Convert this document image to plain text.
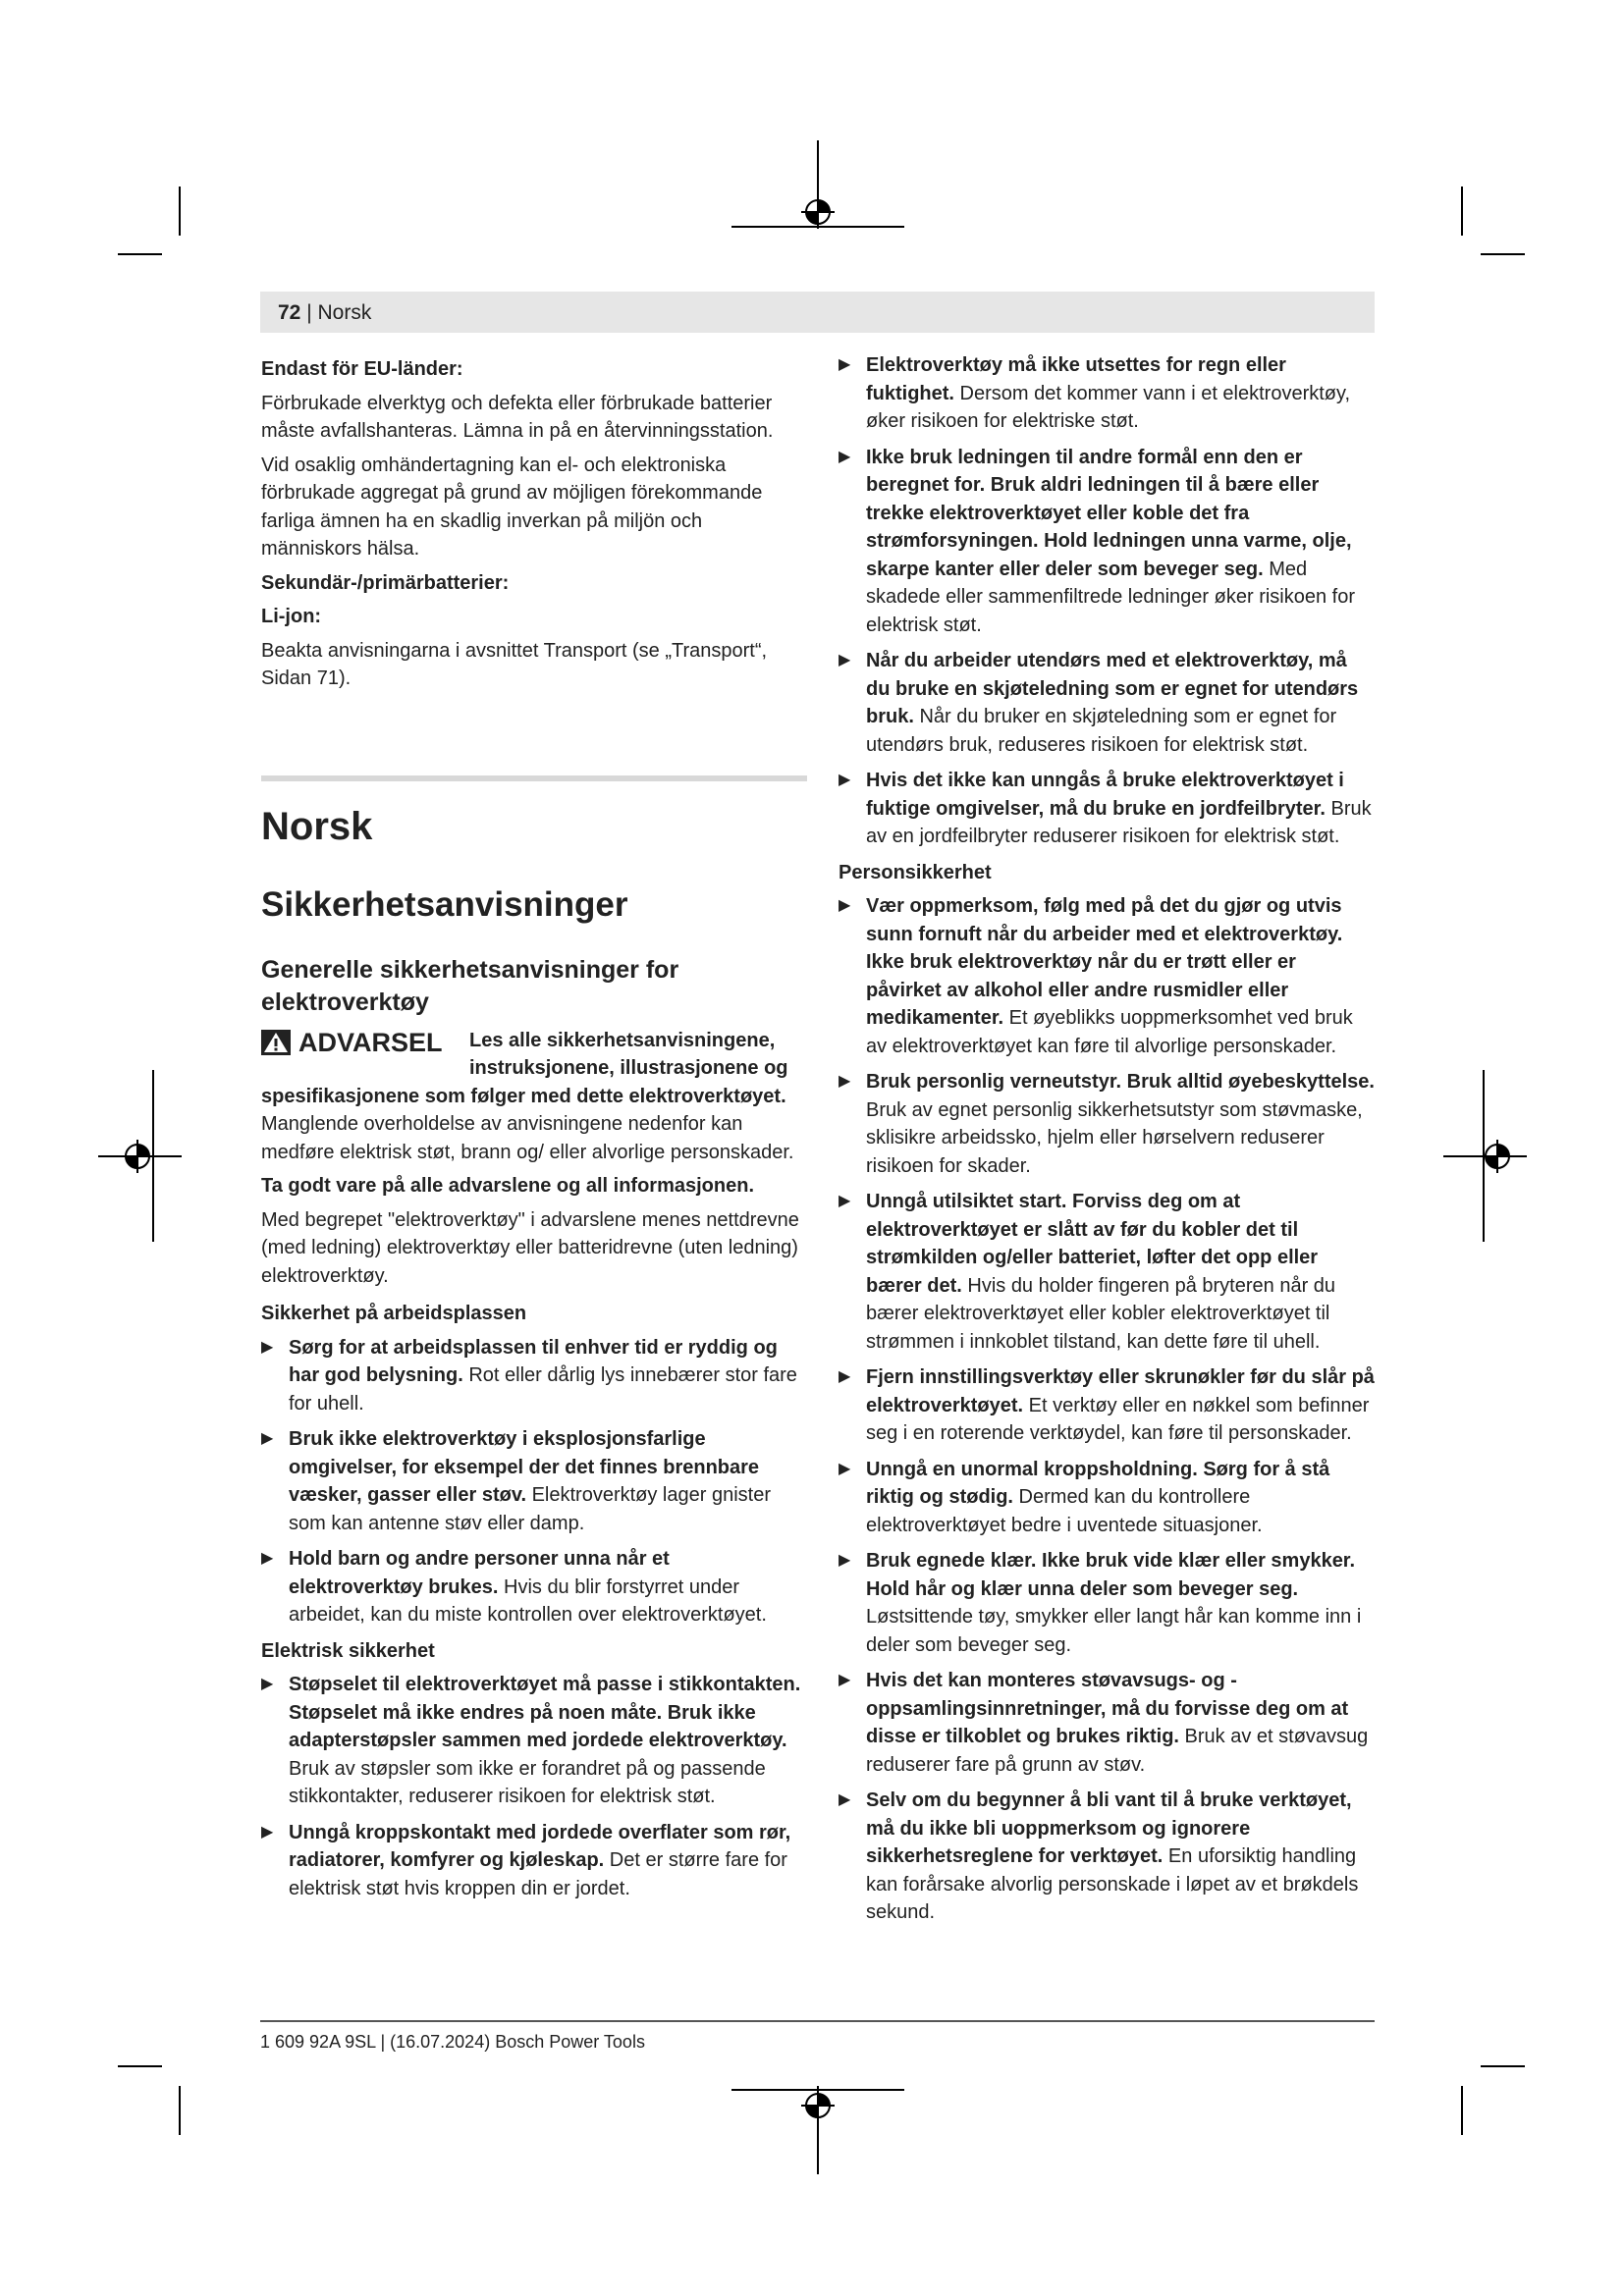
72 | Norsk

Endast för EU-länder:

Förbrukade elverktyg och defekta eller förbrukade batterier måste avfallshanteras. Lämna in på en återvinningsstation.

Vid osaklig omhändertagning kan el- och elektroniska förbrukade aggregat på grund av möjligen förekommande farliga ämnen ha en skadlig inverkan på miljön och människors hälsa.

Sekundär-/primärbatterier:

Li-jon:

Beakta anvisningarna i avsnittet Transport (se „Transport“, Sidan 71).

Norsk
Sikkerhetsanvisninger
Generelle sikkerhetsanvisninger for elektroverktøy
ADVARSEL Les alle sikkerhetsanvisningene, instruksjonene, illustrasjonene og

spesifikasjonene som følger med dette elektroverktøyet. Manglende overholdelse av anvisningene nedenfor kan medføre elektrisk støt, brann og/ eller alvorlige personskader.

Ta godt vare på alle advarslene og all informasjonen.

Med begrepet "elektroverktøy" i advarslene menes nettdrevne (med ledning) elektroverktøy eller batteridrevne (uten ledning) elektroverktøy.

Sikkerhet på arbeidsplassen

▶ Sørg for at arbeidsplassen til enhver tid er ryddig og har god belysning. Rot eller dårlig lys innebærer stor fare for uhell.
▶ Bruk ikke elektroverktøy i eksplosjonsfarlige omgivelser, for eksempel der det finnes brennbare væsker, gasser eller støv. Elektroverktøy lager gnister som kan antenne støv eller damp.
▶ Hold barn og andre personer unna når et elektroverktøy brukes. Hvis du blir forstyrret under arbeidet, kan du miste kontrollen over elektroverktøyet.

Elektrisk sikkerhet

▶ Støpselet til elektroverktøyet må passe i stikkontakten. Støpselet må ikke endres på noen måte. Bruk ikke adapterstøpsler sammen med jordede elektroverktøy. Bruk av støpsler som ikke er forandret på og passende stikkontakter, reduserer risikoen for elektrisk støt.
▶ Unngå kroppskontakt med jordede overflater som rør, radiatorer, komfyrer og kjøleskap. Det er større fare for elektrisk støt hvis kroppen din er jordet.
▶ Elektroverktøy må ikke utsettes for regn eller fuktighet. Dersom det kommer vann i et elektroverktøy, øker risikoen for elektriske støt.
▶ Ikke bruk ledningen til andre formål enn den er beregnet for. Bruk aldri ledningen til å bære eller trekke elektroverktøyet eller koble det fra strømforsyningen. Hold ledningen unna varme, olje, skarpe kanter eller deler som beveger seg. Med skadede eller sammenfiltrede ledninger øker risikoen for elektrisk støt.
▶ Når du arbeider utendørs med et elektroverktøy, må du bruke en skjøteledning som er egnet for utendørs bruk. Når du bruker en skjøteledning som er egnet for utendørs bruk, reduseres risikoen for elektrisk støt.
▶ Hvis det ikke kan unngås å bruke elektroverktøyet i fuktige omgivelser, må du bruke en jordfeilbryter. Bruk av en jordfeilbryter reduserer risikoen for elektrisk støt.

Personsikkerhet

▶ Vær oppmerksom, følg med på det du gjør og utvis sunn fornuft når du arbeider med et elektroverktøy. Ikke bruk elektroverktøy når du er trøtt eller er påvirket av alkohol eller andre rusmidler eller medikamenter. Et øyeblikks uoppmerksomhet ved bruk av elektroverktøyet kan føre til alvorlige personskader.
▶ Bruk personlig verneutstyr. Bruk alltid øyebeskyttelse. Bruk av egnet personlig sikkerhetsutstyr som støvmaske, sklisikre arbeidssko, hjelm eller hørselvern reduserer risikoen for skader.
▶ Unngå utilsiktet start. Forviss deg om at elektroverktøyet er slått av før du kobler det til strømkilden og/eller batteriet, løfter det opp eller bærer det. Hvis du holder fingeren på bryteren når du bærer elektroverktøyet eller kobler elektroverktøyet til strømmen i innkoblet tilstand, kan dette føre til uhell.
▶ Fjern innstillingsverktøy eller skrunøkler før du slår på elektroverktøyet. Et verktøy eller en nøkkel som befinner seg i en roterende verktøydel, kan føre til personskader.
▶ Unngå en unormal kroppsholdning. Sørg for å stå riktig og stødig. Dermed kan du kontrollere elektroverktøyet bedre i uventede situasjoner.
▶ Bruk egnede klær. Ikke bruk vide klær eller smykker. Hold hår og klær unna deler som beveger seg. Løstsittende tøy, smykker eller langt hår kan komme inn i deler som beveger seg.
▶ Hvis det kan monteres støvavsugs- og -oppsamlingsinnretninger, må du forvisse deg om at disse er tilkoblet og brukes riktig. Bruk av et støvavsug reduserer fare på grunn av støv.
▶ Selv om du begynner å bli vant til å bruke verktøyet, må du ikke bli uoppmerksom og ignorere sikkerhetsreglene for verktøyet. En uforsiktig handling kan forårsake alvorlig personskade i løpet av et brøkdels sekund.
1 609 92A 9SL | (16.07.2024) Bosch Power Tools
